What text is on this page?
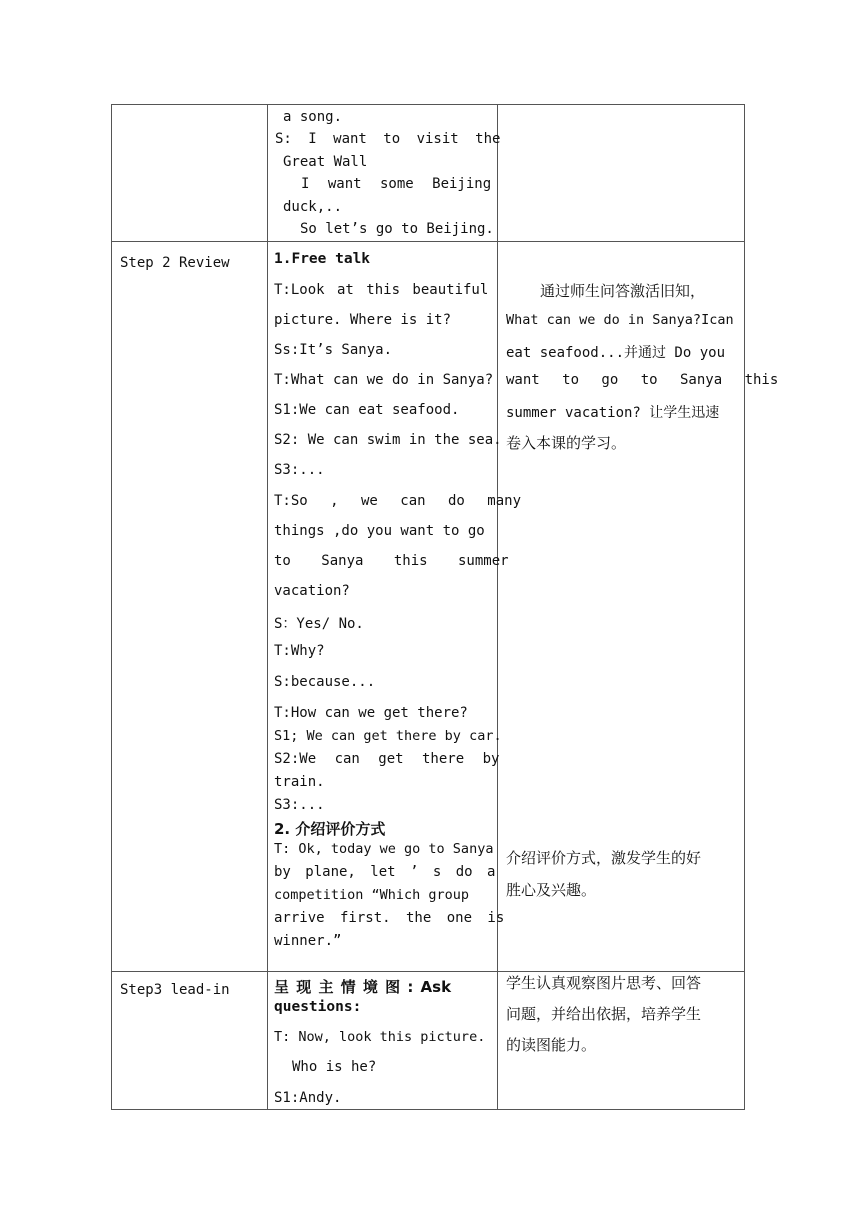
a song.
S: I want to visit the
Great Wall
I want some Beijing
duck,..
So let’s go to Beijing.
Step 2 Review	1.Free talk
T:Look at this beautiful
picture. Where is it?
Ss:It’s Sanya.
T:What can we do in Sanya?
S1:We can eat seafood.
S2: We can swim in the sea.
S3:...
T:So , we can do many
things ,do you want to go
to Sanya this summer
vacation?
S：Yes/ No.
T:Why?
S:because...
T:How can we get there?
S1; We can get there by car.
S2:We can get there by
train.
S3:...
2. 介绍评价方式
T: Ok, today we go to Sanya
by plane, let ’ s do a
competition “Which group
arrive first. the one is
winner.”
通过师生问答激活旧知，
What can we do in Sanya?Ican
eat seafood...并通过 Do you
want to go to Sanya this
summer vacation? 让学生迅速
卷入本课的学习。
介绍评价方式，激发学生的好
胜心及兴趣。
Step3 lead-in	呈 现 主 情 境 图 : Ask
questions:
T: Now, look this picture.
Who is he?
S1:Andy.
学生认真观察图片思考、回答
问题，并给出依据，培养学生
的读图能力。
